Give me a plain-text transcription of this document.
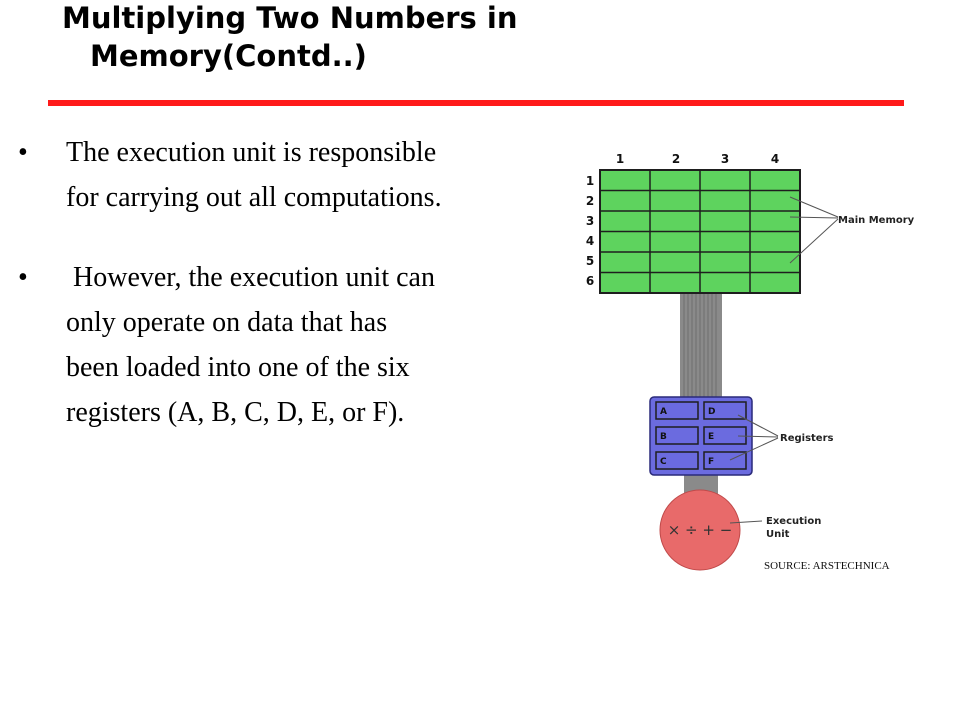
Multiplying Two Numbers in
Memory(Contd..)
• The execution unit is responsible
for carrying out all computations.
• However, the execution unit can
only operate on data that has
been loaded into one of the six
registers (A, B, C, D, E, or F).
1	2	3	4
1
2
3
4
5
6
Main Memory
A	D
B	E
C	F
Registers
× ÷ + −	Execution
Unit
SOURCE: ARSTECHNICA
